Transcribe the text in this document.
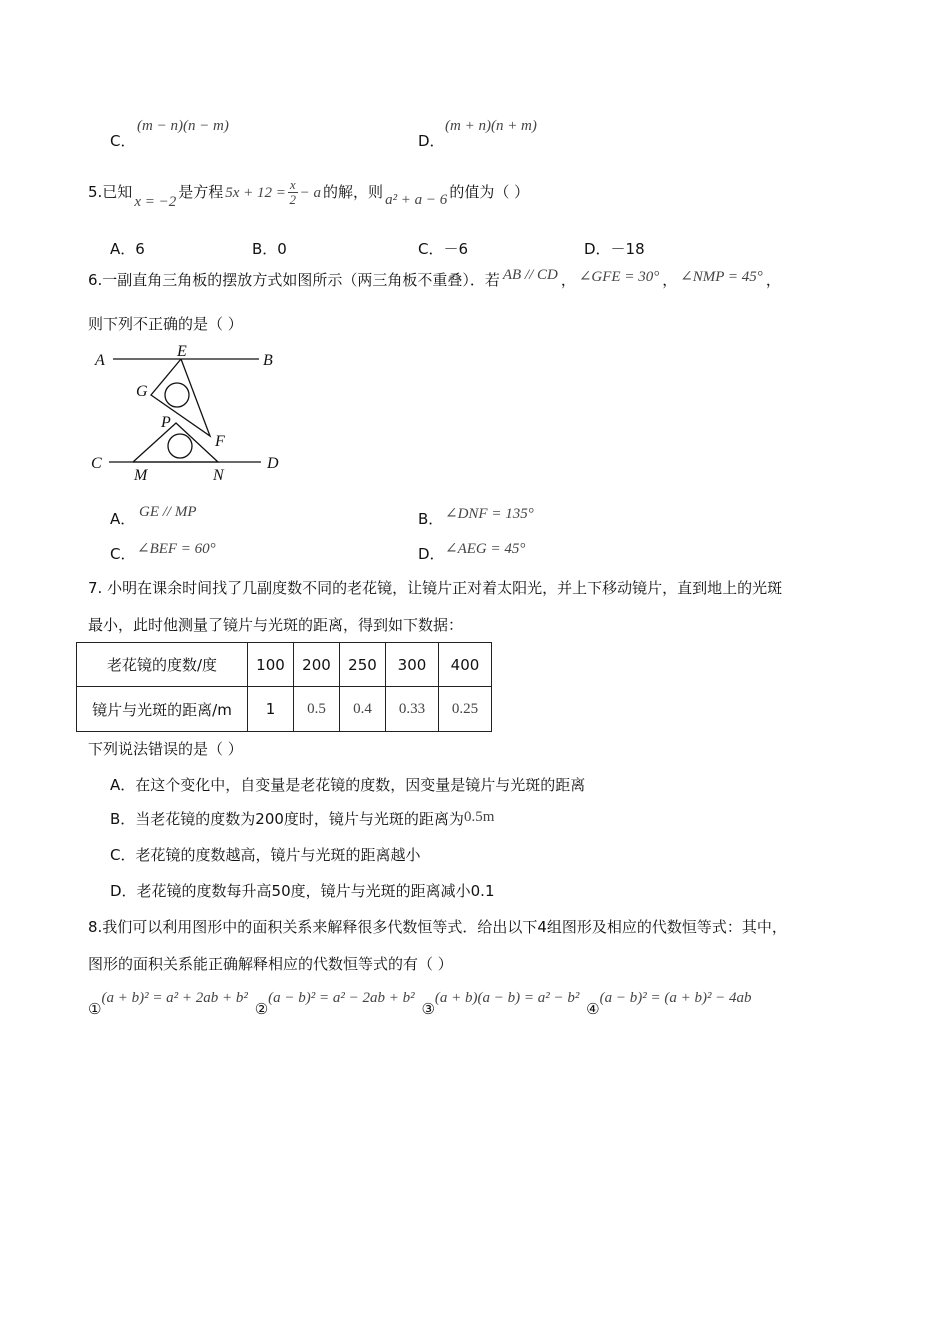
C．
(m − n)(n − m)
D．
(m + n)(n + m)
5.已知x = −2是方程 $5x + 12 = \frac{x}{2} - a$ 的解，则 a² + a − 6 的值为（ ）
A．6	B．0	C．－6	D．－18
6.一副直角三角板的摆放方式如图所示（两三角板不重叠）．若 AB // CD ， ∠GFE = 30° ， ∠NMP = 45° ，
则下列不正确的是（ ）
A	B
E
G
P
F
C	D
M	N
A． GE // MP	B． ∠DNF = 135°
C． ∠BEF = 60°	D． ∠AEG = 45°
7. 小明在课余时间找了几副度数不同的老花镜，让镜片正对着太阳光，并上下移动镜片，直到地上的光斑
最小，此时他测量了镜片与光斑的距离，得到如下数据：
老花镜的度数/度	100	200	250	300	400
镜片与光斑的距离/m	1	0.5	0.4	0.33	0.25
下列说法错误的是（ ）
A．在这个变化中，自变量是老花镜的度数，因变量是镜片与光斑的距离
B．当老花镜的度数为200度时，镜片与光斑的距离为0.5m
C．老花镜的度数越高，镜片与光斑的距离越小
D．老花镜的度数每升高50度，镜片与光斑的距离减小0.1
8.我们可以利用图形中的面积关系来解释很多代数恒等式．给出以下4组图形及相应的代数恒等式：其中，
图形的面积关系能正确解释相应的代数恒等式的有（ ）
①(a + b)² = a² + 2ab + b² ②(a − b)² = a² − 2ab + b² ③(a + b)(a − b) = a² − b² ④(a − b)² = (a + b)² − 4ab
